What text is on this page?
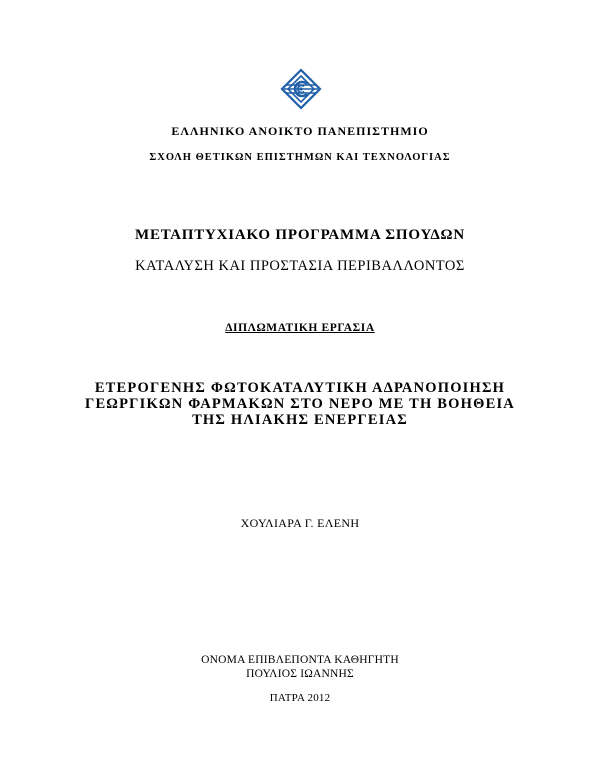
ΕΛΛΗΝΙΚΟ ΑΝΟΙΚΤΟ ΠΑΝΕΠΙΣΤΗΜΙΟ
ΣΧΟΛΗ ΘΕΤΙΚΩΝ ΕΠΙΣΤΗΜΩΝ ΚΑΙ ΤΕΧΝΟΛΟΓΙΑΣ
ΜΕΤΑΠΤΥΧΙΑΚΟ ΠΡΟΓΡΑΜΜΑ ΣΠΟΥΔΩΝ
ΚΑΤΑΛΥΣΗ ΚΑΙ ΠΡΟΣΤΑΣΙΑ ΠΕΡΙΒΑΛΛΟΝΤΟΣ
ΔΙΠΛΩΜΑΤΙΚΗ ΕΡΓΑΣΙΑ
ΕΤΕΡΟΓΕΝΗΣ ΦΩΤΟΚΑΤΑΛΥΤΙΚΗ ΑΔΡΑΝΟΠΟΙΗΣΗ
ΓΕΩΡΓΙΚΩΝ ΦΑΡΜΑΚΩΝ ΣΤΟ ΝΕΡΟ ΜΕ ΤΗ ΒΟΗΘΕΙΑ
ΤΗΣ ΗΛΙΑΚΗΣ ΕΝΕΡΓΕΙΑΣ
ΧΟΥΛΙΑΡΑ Γ. ΕΛΕΝΗ
ΟΝΟΜΑ ΕΠΙΒΛΕΠΟΝΤΑ ΚΑΘΗΓΗΤΗ
ΠΟΥΛΙΟΣ ΙΩΑΝΝΗΣ
ΠΑΤΡΑ 2012
